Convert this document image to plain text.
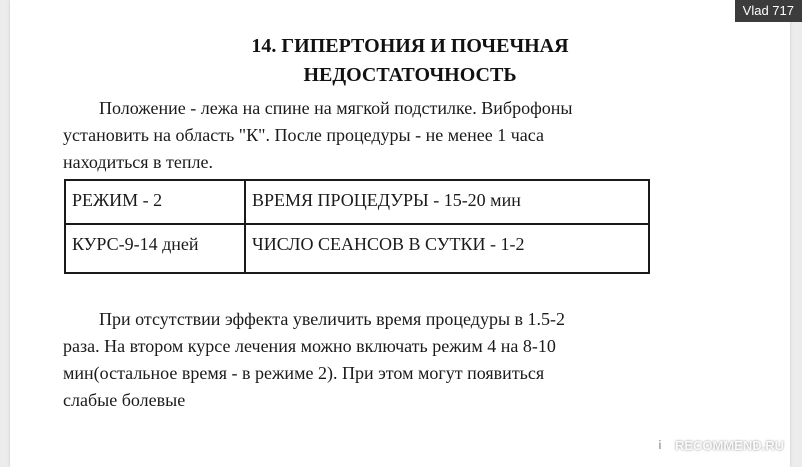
14. ГИПЕРТОНИЯ И ПОЧЕЧНАЯ
НЕДОСТАТОЧНОСТЬ

Положение - лежа на спине на мягкой подстилке. Виброфоны
установить на область "К". После процедуры - не менее 1 часа
находиться в тепле.

РЕЖИМ - 2	ВРЕМЯ ПРОЦЕДУРЫ - 15-20 мин

КУРС-9-14 дней	ЧИСЛО СЕАНСОВ В СУТКИ - 1-2

При отсутствии эффекта увеличить время процедуры в 1.5-2
раза. На втором курсе лечения можно включать режим 4 на 8-10
мин(остальное время - в режиме 2). При этом могут появиться
слабые болевые

Vlad 717
i	RECOMMEND.RU
